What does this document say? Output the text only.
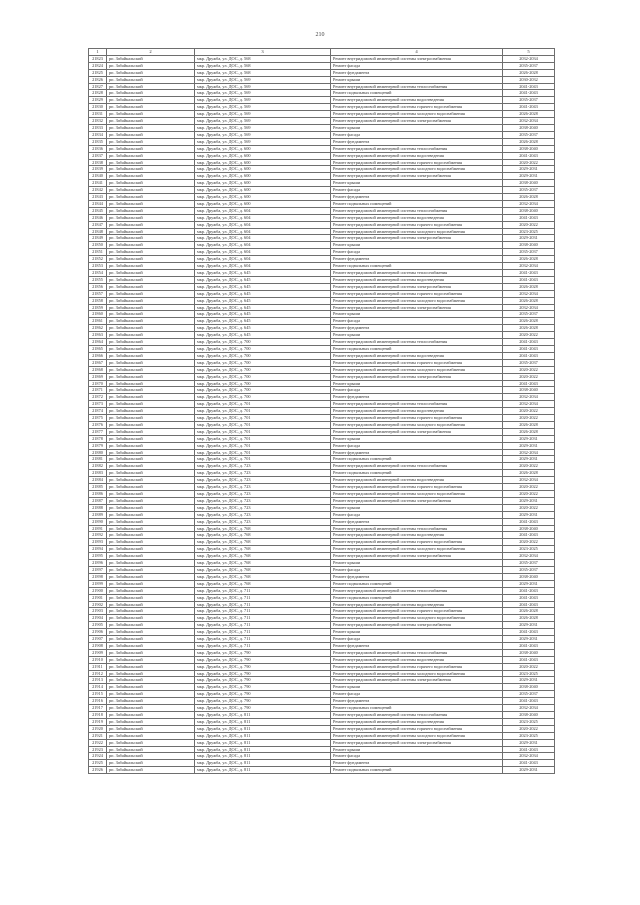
210
1	2	3	4	5
21823	рп. Забайкальский	мкр. Дружба, ул. ДОС, д. 568	Ремонт внутридомовой инженерной системы электроснабжения	2032-2034
21824	рп. Забайкальский	мкр. Дружба, ул. ДОС, д. 568	Ремонт фасада	2035-2037
21825	рп. Забайкальский	мкр. Дружба, ул. ДОС, д. 568	Ремонт фундамента	2026-2028
21826	рп. Забайкальский	мкр. Дружба, ул. ДОС, д. 569	Ремонт крыши	2030-2032
21827	рп. Забайкальский	мкр. Дружба, ул. ДОС, д. 569	Ремонт внутридомовой инженерной системы теплоснабжения	2041-2043
21828	рп. Забайкальский	мкр. Дружба, ул. ДОС, д. 569	Ремонт подвальных помещений	2041-2043
21829	рп. Забайкальский	мкр. Дружба, ул. ДОС, д. 569	Ремонт внутридомовой инженерной системы водоотведения	2035-2037
21830	рп. Забайкальский	мкр. Дружба, ул. ДОС, д. 569	Ремонт внутридомовой инженерной системы горячего водоснабжения	2041-2043
21831	рп. Забайкальский	мкр. Дружба, ул. ДОС, д. 569	Ремонт внутридомовой инженерной системы холодного водоснабжения	2026-2028
21832	рп. Забайкальский	мкр. Дружба, ул. ДОС, д. 569	Ремонт внутридомовой инженерной системы электроснабжения	2032-2034
21833	рп. Забайкальский	мкр. Дружба, ул. ДОС, д. 569	Ремонт крыши	2038-2040
21834	рп. Забайкальский	мкр. Дружба, ул. ДОС, д. 569	Ремонт фасада	2035-2037
21835	рп. Забайкальский	мкр. Дружба, ул. ДОС, д. 569	Ремонт фундамента	2026-2028
21836	рп. Забайкальский	мкр. Дружба, ул. ДОС, д. 600	Ремонт внутридомовой инженерной системы теплоснабжения	2038-2040
21837	рп. Забайкальский	мкр. Дружба, ул. ДОС, д. 600	Ремонт внутридомовой инженерной системы водоотведения	2041-2043
21838	рп. Забайкальский	мкр. Дружба, ул. ДОС, д. 600	Ремонт внутридомовой инженерной системы горячего водоснабжения	2020-2022
21839	рп. Забайкальский	мкр. Дружба, ул. ДОС, д. 600	Ремонт внутридомовой инженерной системы холодного водоснабжения	2029-2031
21840	рп. Забайкальский	мкр. Дружба, ул. ДОС, д. 600	Ремонт внутридомовой инженерной системы электроснабжения	2029-2031
21841	рп. Забайкальский	мкр. Дружба, ул. ДОС, д. 600	Ремонт крыши	2038-2040
21842	рп. Забайкальский	мкр. Дружба, ул. ДОС, д. 600	Ремонт фасада	2035-2037
21843	рп. Забайкальский	мкр. Дружба, ул. ДОС, д. 600	Ремонт фундамента	2026-2028
21844	рп. Забайкальский	мкр. Дружба, ул. ДОС, д. 600	Ремонт подвальных помещений	2032-2034
21845	рп. Забайкальский	мкр. Дружба, ул. ДОС, д. 604	Ремонт внутридомовой инженерной системы теплоснабжения	2038-2040
21846	рп. Забайкальский	мкр. Дружба, ул. ДОС, д. 604	Ремонт внутридомовой инженерной системы водоотведения	2041-2043
21847	рп. Забайкальский	мкр. Дружба, ул. ДОС, д. 604	Ремонт внутридомовой инженерной системы горячего водоснабжения	2020-2022
21848	рп. Забайкальский	мкр. Дружба, ул. ДОС, д. 604	Ремонт внутридомовой инженерной системы холодного водоснабжения	2023-2025
21849	рп. Забайкальский	мкр. Дружба, ул. ДОС, д. 604	Ремонт внутридомовой инженерной системы электроснабжения	2029-2031
21850	рп. Забайкальский	мкр. Дружба, ул. ДОС, д. 604	Ремонт крыши	2038-2040
21851	рп. Забайкальский	мкр. Дружба, ул. ДОС, д. 604	Ремонт фасада	2035-2037
21852	рп. Забайкальский	мкр. Дружба, ул. ДОС, д. 604	Ремонт фундамента	2026-2028
21853	рп. Забайкальский	мкр. Дружба, ул. ДОС, д. 604	Ремонт подвальных помещений	2032-2034
21854	рп. Забайкальский	мкр. Дружба, ул. ДОС, д. 645	Ремонт внутридомовой инженерной системы теплоснабжения	2041-2043
21855	рп. Забайкальский	мкр. Дружба, ул. ДОС, д. 645	Ремонт внутридомовой инженерной системы водоотведения	2041-2043
21856	рп. Забайкальский	мкр. Дружба, ул. ДОС, д. 645	Ремонт внутридомовой инженерной системы электроснабжения	2026-2028
21857	рп. Забайкальский	мкр. Дружба, ул. ДОС, д. 645	Ремонт внутридомовой инженерной системы горячего водоснабжения	2032-2034
21858	рп. Забайкальский	мкр. Дружба, ул. ДОС, д. 645	Ремонт внутридомовой инженерной системы холодного водоснабжения	2026-2028
21859	рп. Забайкальский	мкр. Дружба, ул. ДОС, д. 645	Ремонт внутридомовой инженерной системы электроснабжения	2032-2034
21860	рп. Забайкальский	мкр. Дружба, ул. ДОС, д. 645	Ремонт крыши	2035-2037
21861	рп. Забайкальский	мкр. Дружба, ул. ДОС, д. 645	Ремонт фасада	2026-2028
21862	рп. Забайкальский	мкр. Дружба, ул. ДОС, д. 645	Ремонт фундамента	2026-2028
21863	рп. Забайкальский	мкр. Дружба, ул. ДОС, д. 645	Ремонт крыши	2020-2022
21864	рп. Забайкальский	мкр. Дружба, ул. ДОС, д. 700	Ремонт внутридомовой инженерной системы теплоснабжения	2041-2043
21865	рп. Забайкальский	мкр. Дружба, ул. ДОС, д. 700	Ремонт подвальных помещений	2041-2043
21866	рп. Забайкальский	мкр. Дружба, ул. ДОС, д. 700	Ремонт внутридомовой инженерной системы водоотведения	2041-2043
21867	рп. Забайкальский	мкр. Дружба, ул. ДОС, д. 700	Ремонт внутридомовой инженерной системы горячего водоснабжения	2035-2037
21868	рп. Забайкальский	мкр. Дружба, ул. ДОС, д. 700	Ремонт внутридомовой инженерной системы холодного водоснабжения	2020-2022
21869	рп. Забайкальский	мкр. Дружба, ул. ДОС, д. 700	Ремонт внутридомовой инженерной системы электроснабжения	2020-2022
21870	рп. Забайкальский	мкр. Дружба, ул. ДОС, д. 700	Ремонт крыши	2041-2043
21871	рп. Забайкальский	мкр. Дружба, ул. ДОС, д. 700	Ремонт фасада	2038-2040
21872	рп. Забайкальский	мкр. Дружба, ул. ДОС, д. 700	Ремонт фундамента	2032-2034
21873	рп. Забайкальский	мкр. Дружба, ул. ДОС, д. 701	Ремонт внутридомовой инженерной системы теплоснабжения	2032-2034
21874	рп. Забайкальский	мкр. Дружба, ул. ДОС, д. 701	Ремонт внутридомовой инженерной системы водоотведения	2020-2022
21875	рп. Забайкальский	мкр. Дружба, ул. ДОС, д. 701	Ремонт внутридомовой инженерной системы горячего водоснабжения	2020-2022
21876	рп. Забайкальский	мкр. Дружба, ул. ДОС, д. 701	Ремонт внутридомовой инженерной системы холодного водоснабжения	2026-2028
21877	рп. Забайкальский	мкр. Дружба, ул. ДОС, д. 701	Ремонт внутридомовой инженерной системы электроснабжения	2026-2028
21878	рп. Забайкальский	мкр. Дружба, ул. ДОС, д. 701	Ремонт крыши	2029-2031
21879	рп. Забайкальский	мкр. Дружба, ул. ДОС, д. 701	Ремонт фасада	2029-2031
21880	рп. Забайкальский	мкр. Дружба, ул. ДОС, д. 701	Ремонт фундамента	2032-2034
21881	рп. Забайкальский	мкр. Дружба, ул. ДОС, д. 701	Ремонт подвальных помещений	2029-2031
21882	рп. Забайкальский	мкр. Дружба, ул. ДОС, д. 723	Ремонт внутридомовой инженерной системы теплоснабжения	2020-2022
21883	рп. Забайкальский	мкр. Дружба, ул. ДОС, д. 723	Ремонт подвальных помещений	2026-2028
21884	рп. Забайкальский	мкр. Дружба, ул. ДОС, д. 723	Ремонт внутридомовой инженерной системы водоотведения	2032-2034
21885	рп. Забайкальский	мкр. Дружба, ул. ДОС, д. 723	Ремонт внутридомовой инженерной системы горячего водоснабжения	2020-2022
21886	рп. Забайкальский	мкр. Дружба, ул. ДОС, д. 723	Ремонт внутридомовой инженерной системы холодного водоснабжения	2020-2022
21887	рп. Забайкальский	мкр. Дружба, ул. ДОС, д. 723	Ремонт внутридомовой инженерной системы электроснабжения	2029-2031
21888	рп. Забайкальский	мкр. Дружба, ул. ДОС, д. 723	Ремонт крыши	2020-2022
21889	рп. Забайкальский	мкр. Дружба, ул. ДОС, д. 723	Ремонт фасада	2029-2031
21890	рп. Забайкальский	мкр. Дружба, ул. ДОС, д. 723	Ремонт фундамента	2041-2043
21891	рп. Забайкальский	мкр. Дружба, ул. ДОС, д. 768	Ремонт внутридомовой инженерной системы теплоснабжения	2038-2040
21892	рп. Забайкальский	мкр. Дружба, ул. ДОС, д. 768	Ремонт внутридомовой инженерной системы водоотведения	2041-2043
21893	рп. Забайкальский	мкр. Дружба, ул. ДОС, д. 768	Ремонт внутридомовой инженерной системы горячего водоснабжения	2020-2022
21894	рп. Забайкальский	мкр. Дружба, ул. ДОС, д. 768	Ремонт внутридомовой инженерной системы холодного водоснабжения	2023-2025
21895	рп. Забайкальский	мкр. Дружба, ул. ДОС, д. 768	Ремонт внутридомовой инженерной системы электроснабжения	2032-2034
21896	рп. Забайкальский	мкр. Дружба, ул. ДОС, д. 768	Ремонт крыши	2035-2037
21897	рп. Забайкальский	мкр. Дружба, ул. ДОС, д. 768	Ремонт фасада	2035-2037
21898	рп. Забайкальский	мкр. Дружба, ул. ДОС, д. 768	Ремонт фундамента	2038-2040
21899	рп. Забайкальский	мкр. Дружба, ул. ДОС, д. 768	Ремонт подвальных помещений	2029-2031
21900	рп. Забайкальский	мкр. Дружба, ул. ДОС, д. 711	Ремонт внутридомовой инженерной системы теплоснабжения	2041-2043
21901	рп. Забайкальский	мкр. Дружба, ул. ДОС, д. 711	Ремонт подвальных помещений	2041-2043
21902	рп. Забайкальский	мкр. Дружба, ул. ДОС, д. 711	Ремонт внутридомовой инженерной системы водоотведения	2041-2043
21903	рп. Забайкальский	мкр. Дружба, ул. ДОС, д. 711	Ремонт внутридомовой инженерной системы горячего водоснабжения	2026-2028
21904	рп. Забайкальский	мкр. Дружба, ул. ДОС, д. 711	Ремонт внутридомовой инженерной системы холодного водоснабжения	2026-2028
21905	рп. Забайкальский	мкр. Дружба, ул. ДОС, д. 711	Ремонт внутридомовой инженерной системы электроснабжения	2029-2031
21906	рп. Забайкальский	мкр. Дружба, ул. ДОС, д. 711	Ремонт крыши	2041-2043
21907	рп. Забайкальский	мкр. Дружба, ул. ДОС, д. 711	Ремонт фасада	2029-2031
21908	рп. Забайкальский	мкр. Дружба, ул. ДОС, д. 711	Ремонт фундамента	2041-2043
21909	рп. Забайкальский	мкр. Дружба, ул. ДОС, д. 790	Ремонт внутридомовой инженерной системы теплоснабжения	2038-2040
21910	рп. Забайкальский	мкр. Дружба, ул. ДОС, д. 790	Ремонт внутридомовой инженерной системы водоотведения	2041-2043
21911	рп. Забайкальский	мкр. Дружба, ул. ДОС, д. 790	Ремонт внутридомовой инженерной системы горячего водоснабжения	2020-2022
21912	рп. Забайкальский	мкр. Дружба, ул. ДОС, д. 790	Ремонт внутридомовой инженерной системы холодного водоснабжения	2023-2025
21913	рп. Забайкальский	мкр. Дружба, ул. ДОС, д. 790	Ремонт внутридомовой инженерной системы электроснабжения	2029-2031
21914	рп. Забайкальский	мкр. Дружба, ул. ДОС, д. 790	Ремонт крыши	2038-2040
21915	рп. Забайкальский	мкр. Дружба, ул. ДОС, д. 790	Ремонт фасада	2035-2037
21916	рп. Забайкальский	мкр. Дружба, ул. ДОС, д. 790	Ремонт фундамента	2041-2043
21917	рп. Забайкальский	мкр. Дружба, ул. ДОС, д. 790	Ремонт подвальных помещений	2032-2034
21918	рп. Забайкальский	мкр. Дружба, ул. ДОС, д. 811	Ремонт внутридомовой инженерной системы теплоснабжения	2038-2040
21919	рп. Забайкальский	мкр. Дружба, ул. ДОС, д. 811	Ремонт внутридомовой инженерной системы водоотведения	2023-2025
21920	рп. Забайкальский	мкр. Дружба, ул. ДОС, д. 811	Ремонт внутридомовой инженерной системы горячего водоснабжения	2020-2022
21921	рп. Забайкальский	мкр. Дружба, ул. ДОС, д. 811	Ремонт внутридомовой инженерной системы холодного водоснабжения	2023-2025
21922	рп. Забайкальский	мкр. Дружба, ул. ДОС, д. 811	Ремонт внутридомовой инженерной системы электроснабжения	2029-2031
21923	рп. Забайкальский	мкр. Дружба, ул. ДОС, д. 811	Ремонт крыши	2041-2043
21924	рп. Забайкальский	мкр. Дружба, ул. ДОС, д. 811	Ремонт фасада	2032-2034
21925	рп. Забайкальский	мкр. Дружба, ул. ДОС, д. 811	Ремонт фундамента	2041-2043
21926	рп. Забайкальский	мкр. Дружба, ул. ДОС, д. 811	Ремонт подвальных помещений	2029-2031
